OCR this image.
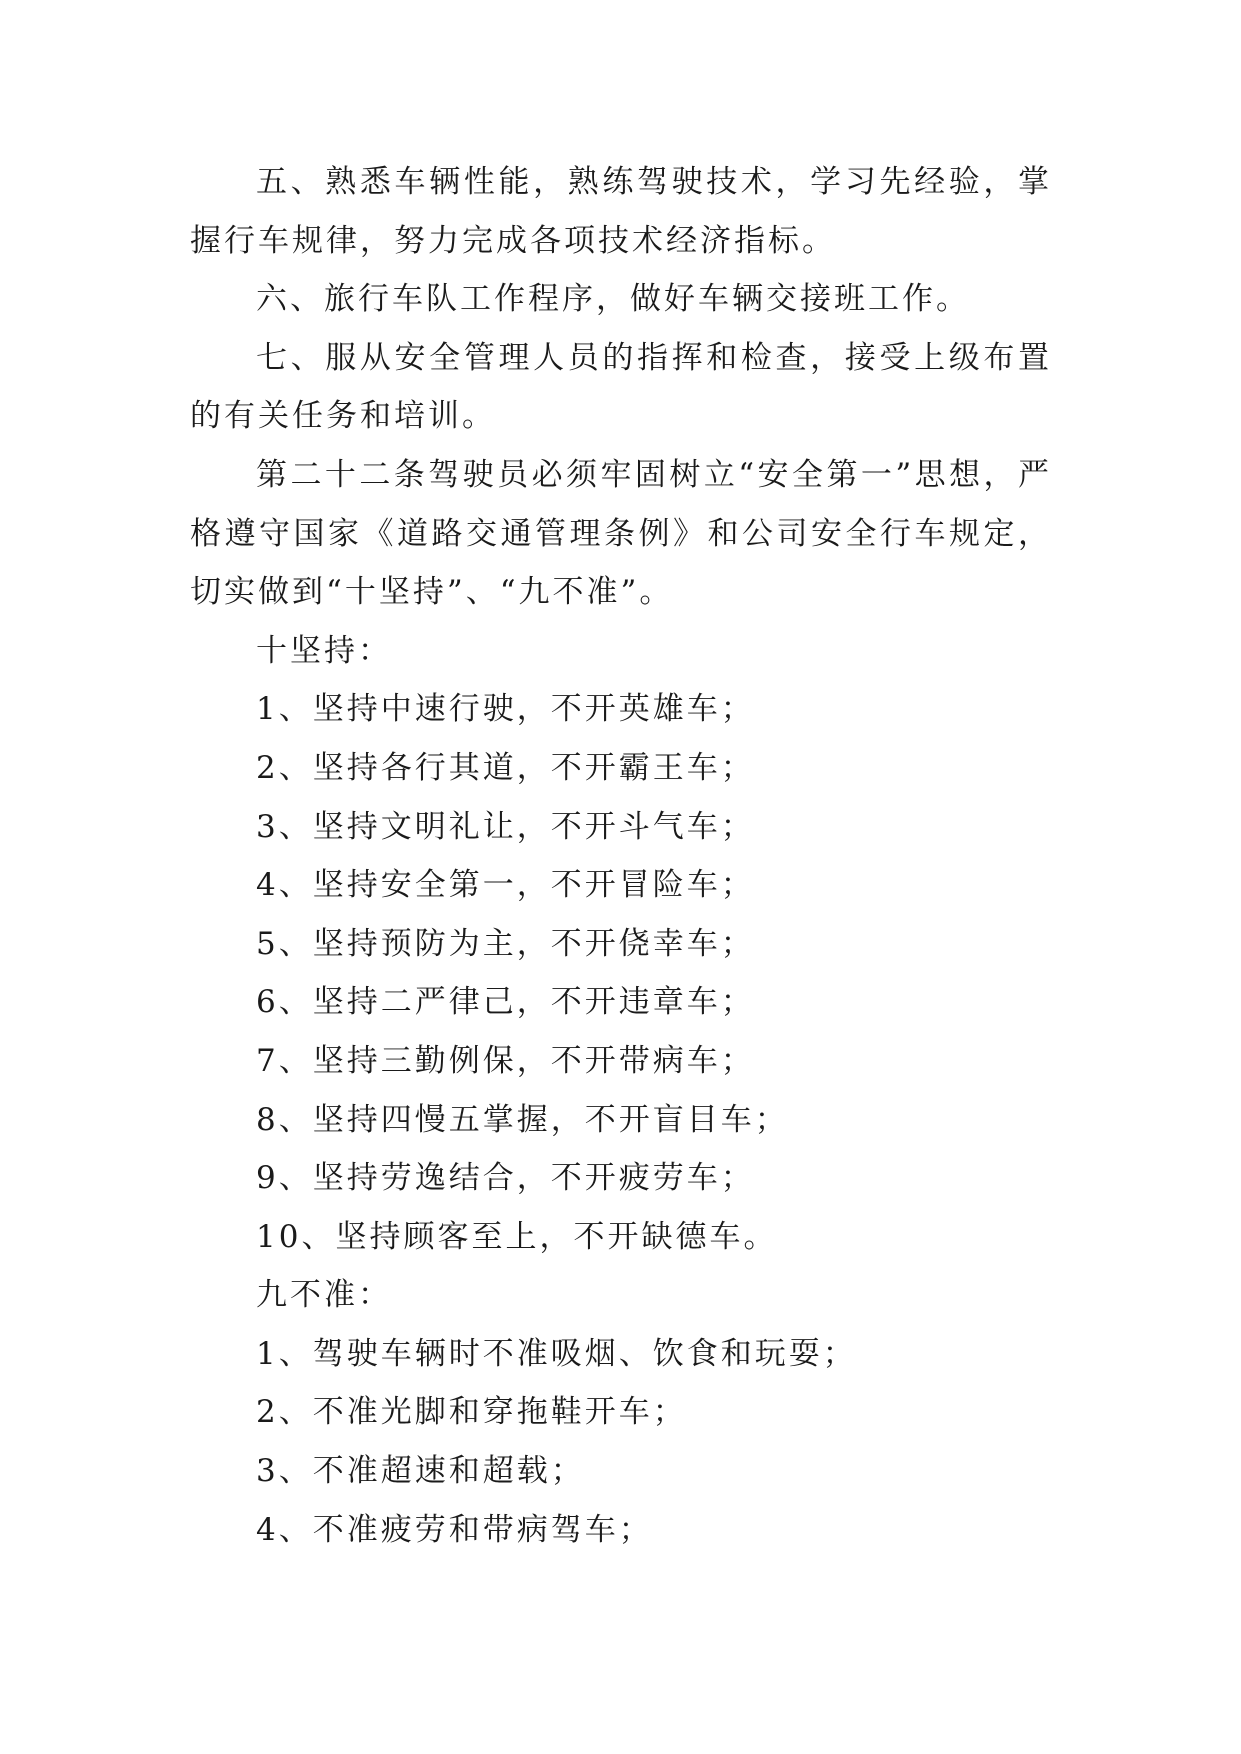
五、熟悉车辆性能，熟练驾驶技术，学习先经验，掌握行车规律，努力完成各项技术经济指标。

六、旅行车队工作程序，做好车辆交接班工作。

七、服从安全管理人员的指挥和检查，接受上级布置的有关任务和培训。

第二十二条驾驶员必须牢固树立“安全第一”思想，严格遵守国家《道路交通管理条例》和公司安全行车规定，切实做到“十坚持”、“九不准”。

十坚持：

1、坚持中速行驶，不开英雄车；

2、坚持各行其道，不开霸王车；

3、坚持文明礼让，不开斗气车；

4、坚持安全第一，不开冒险车；

5、坚持预防为主，不开侥幸车；

6、坚持二严律己，不开违章车；

7、坚持三勤例保，不开带病车；

8、坚持四慢五掌握，不开盲目车；

9、坚持劳逸结合，不开疲劳车；

10、坚持顾客至上，不开缺德车。

九不准：

1、驾驶车辆时不准吸烟、饮食和玩耍；

2、不准光脚和穿拖鞋开车；

3、不准超速和超载；

4、不准疲劳和带病驾车；
